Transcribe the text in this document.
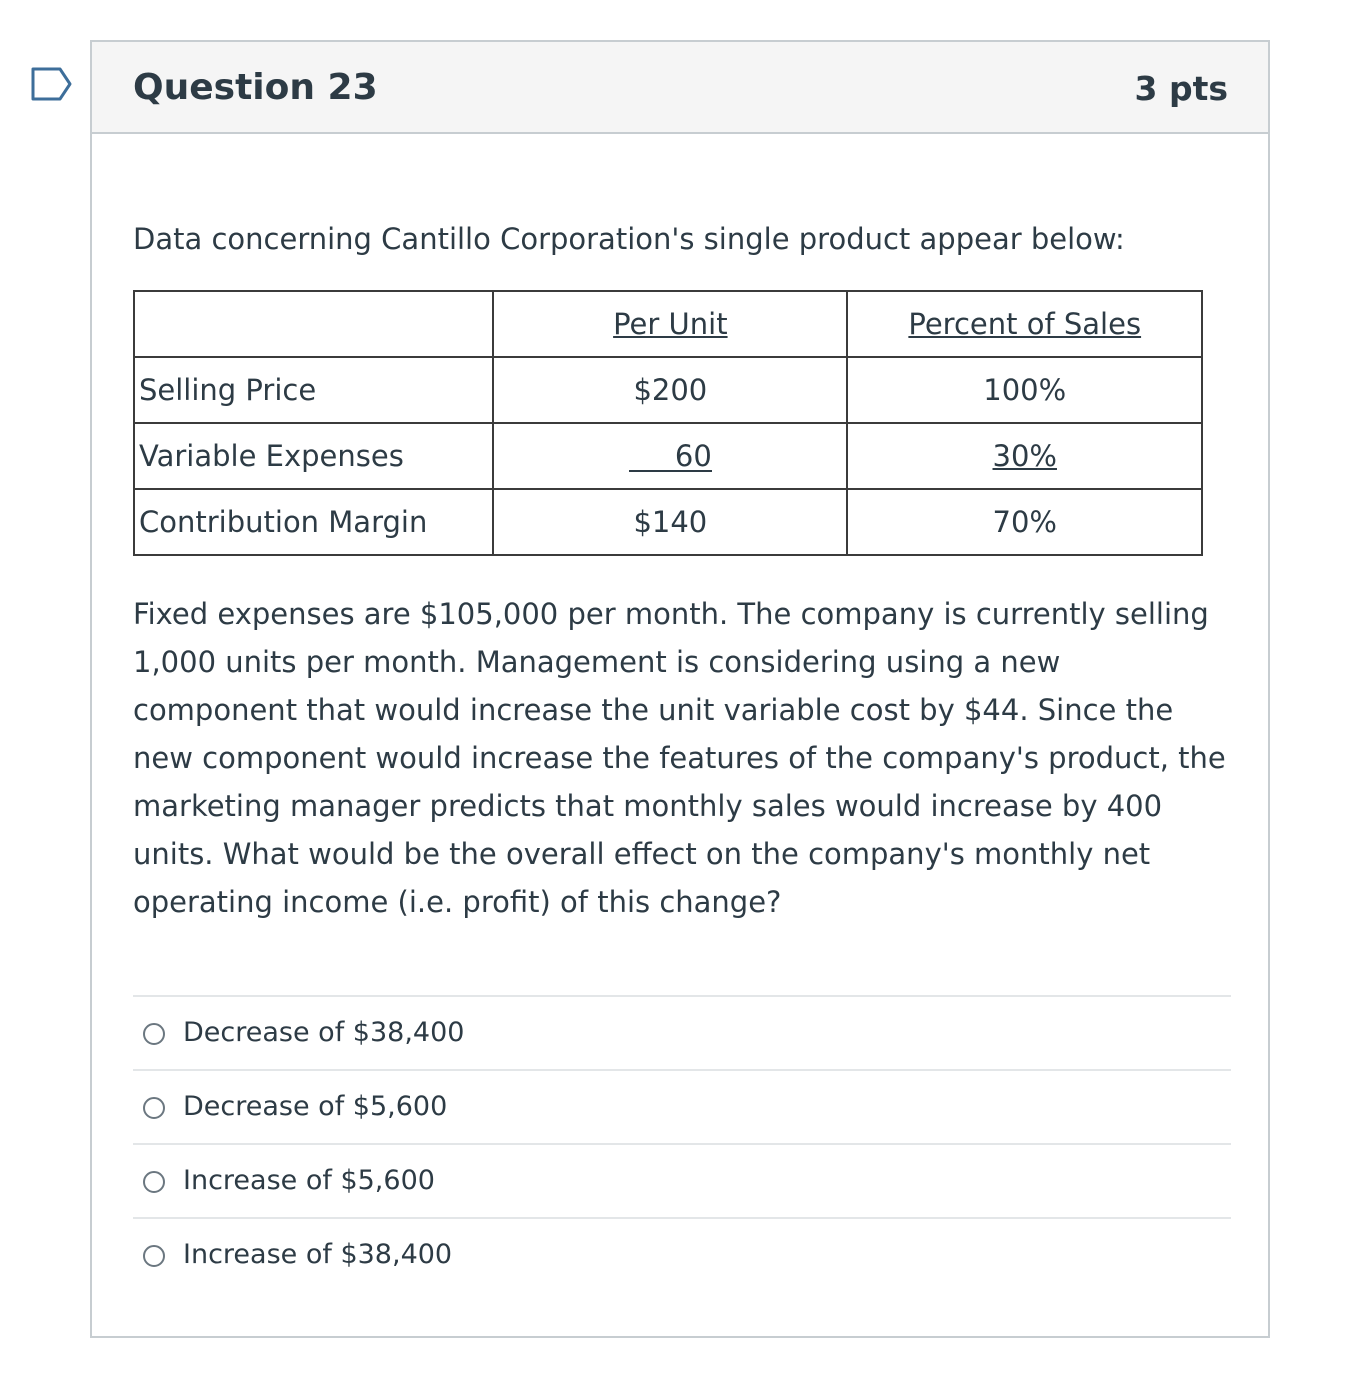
Question 23	3 pts
Data concerning Cantillo Corporation's single product appear below:
	Per Unit	Percent of Sales
Selling Price	$200	100%
Variable Expenses	60	30%
Contribution Margin	$140	70%
Fixed expenses are $105,000 per month. The company is currently selling 1,000 units per month. Management is considering using a new component that would increase the unit variable cost by $44. Since the new component would increase the features of the company's product, the marketing manager predicts that monthly sales would increase by 400 units. What would be the overall effect on the company's monthly net operating income (i.e. profit) of this change?
Decrease of $38,400
Decrease of $5,600
Increase of $5,600
Increase of $38,400
